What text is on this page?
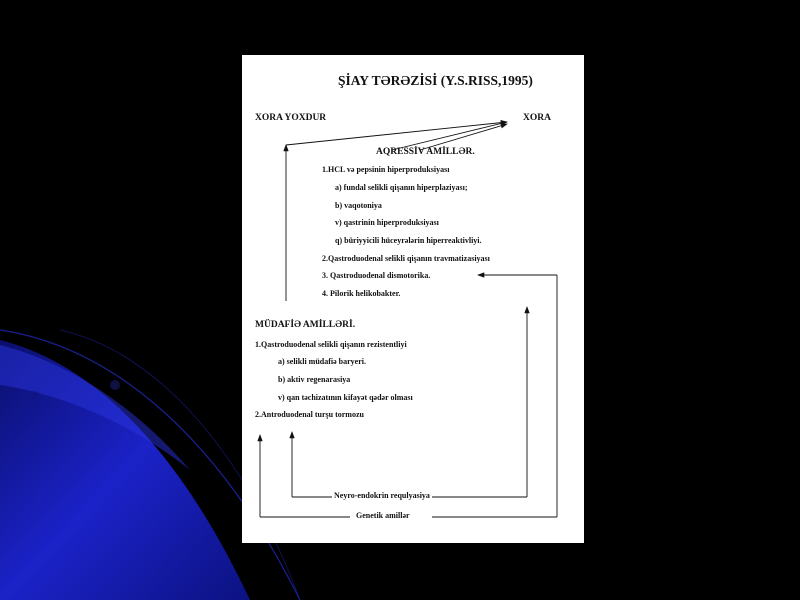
ŞİAY TƏRƏZİSİ (Y.S.RISS,1995)
XORA YOXDUR	XORA
AQRESSİV AMİLLƏR.
1.HCL və pepsinin hiperproduksiyası
a) fundal selikli qişanın hiperplaziyası;
b) vaqotoniya
v) qastrinin hiperproduksiyası
q) büriyyicili hüceyrələrin hiperreaktivliyi.
2.Qastroduodenal selikli qişanın travmatizasiyası
3. Qastroduodenal dismotorika.
4. Pilorik helikobakter.
MÜDAFİƏ AMİLLƏRİ.
1.Qastroduodenal selikli qişanın rezistentliyi
a) selikli müdafiə baryeri.
b) aktiv regenarasiya
v) qan təchizatının kifayət qədər olması
2.Antroduodenal turşu tormozu
Neyro-endokrin requlyasiya
Genetik amillər
